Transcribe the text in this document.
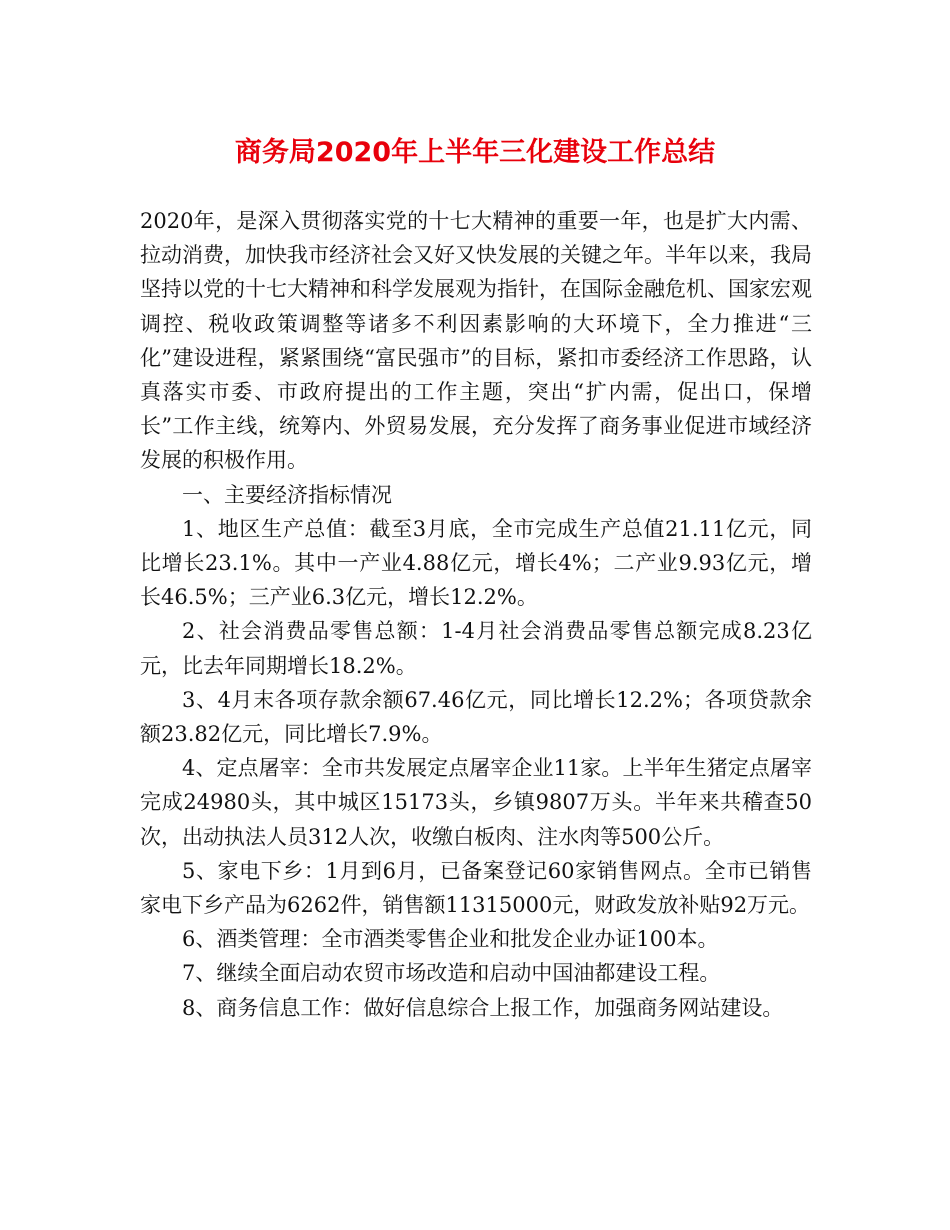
商务局2020年上半年三化建设工作总结

2020年，是深入贯彻落实党的十七大精神的重要一年，也是扩大内需、拉动消费，加快我市经济社会又好又快发展的关键之年。半年以来，我局坚持以党的十七大精神和科学发展观为指针，在国际金融危机、国家宏观调控、税收政策调整等诸多不利因素影响的大环境下，全力推进“三化”建设进程，紧紧围绕“富民强市”的目标，紧扣市委经济工作思路，认真落实市委、市政府提出的工作主题，突出“扩内需，促出口，保增长”工作主线，统筹内、外贸易发展，充分发挥了商务事业促进市域经济发展的积极作用。

一、主要经济指标情况

1、地区生产总值：截至3月底，全市完成生产总值21.11亿元，同比增长23.1%。其中一产业4.88亿元，增长4%；二产业9.93亿元，增长46.5%；三产业6.3亿元，增长12.2%。

2、社会消费品零售总额：1-4月社会消费品零售总额完成8.23亿元，比去年同期增长18.2%。

3、4月末各项存款余额67.46亿元，同比增长12.2%；各项贷款余额23.82亿元，同比增长7.9%。

4、定点屠宰：全市共发展定点屠宰企业11家。上半年生猪定点屠宰完成24980头，其中城区15173头，乡镇9807万头。半年来共稽查50次，出动执法人员312人次，收缴白板肉、注水肉等500公斤。

5、家电下乡：1月到6月，已备案登记60家销售网点。全市已销售家电下乡产品为6262件，销售额11315000元，财政发放补贴92万元。

6、酒类管理：全市酒类零售企业和批发企业办证100本。

7、继续全面启动农贸市场改造和启动中国油都建设工程。

8、商务信息工作：做好信息综合上报工作，加强商务网站建设。
